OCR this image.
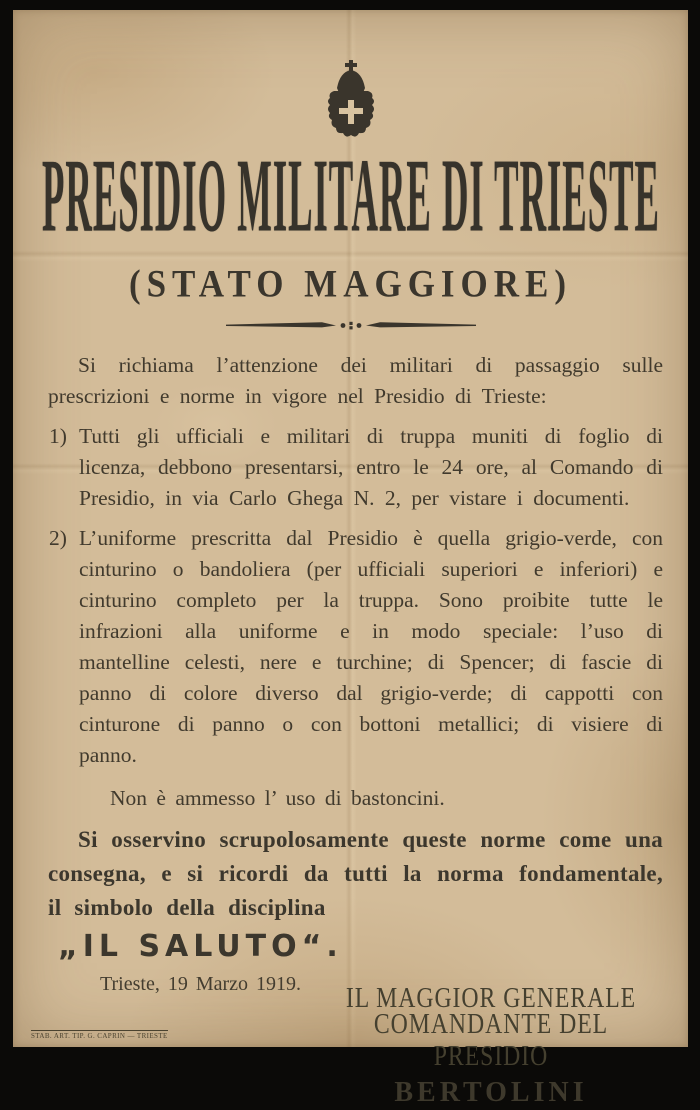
PRESIDIO MILITARE DI TRIESTE
(STATO MAGGIORE)

Si richiama l’attenzione dei militari di passaggio sulle prescrizioni e norme in vigore nel Presidio di Trieste:

1) Tutti gli ufficiali e militari di truppa muniti di foglio di licenza, debbono presentarsi, entro le 24 ore, al Comando di Presidio, in via Carlo Ghega N. 2, per vistare i documenti.

2) L’uniforme prescritta dal Presidio è quella grigio-verde, con cinturino o bandoliera (per ufficiali superiori e inferiori) e cinturino completo per la truppa. Sono proibite tutte le infrazioni alla uniforme e in modo speciale: l’uso di mantelline celesti, nere e turchine; di Spencer; di fascie di panno di colore diverso dal grigio-verde; di cappotti con cinturone di panno o con bottoni metallici; di visiere di panno.

Non è ammesso l’ uso di bastoncini.

Si osservino scrupolosamente queste norme come una consegna, e si ricordi da tutti la norma fondamentale, il simbolo della disciplina

„IL SALUTO“.

Trieste, 19 Marzo 1919.	IL MAGGIOR GENERALE

COMANDANTE DEL PRESIDIO

BERTOLINI

STAB. ART. TIP. G. CAPRIN — TRIESTE
